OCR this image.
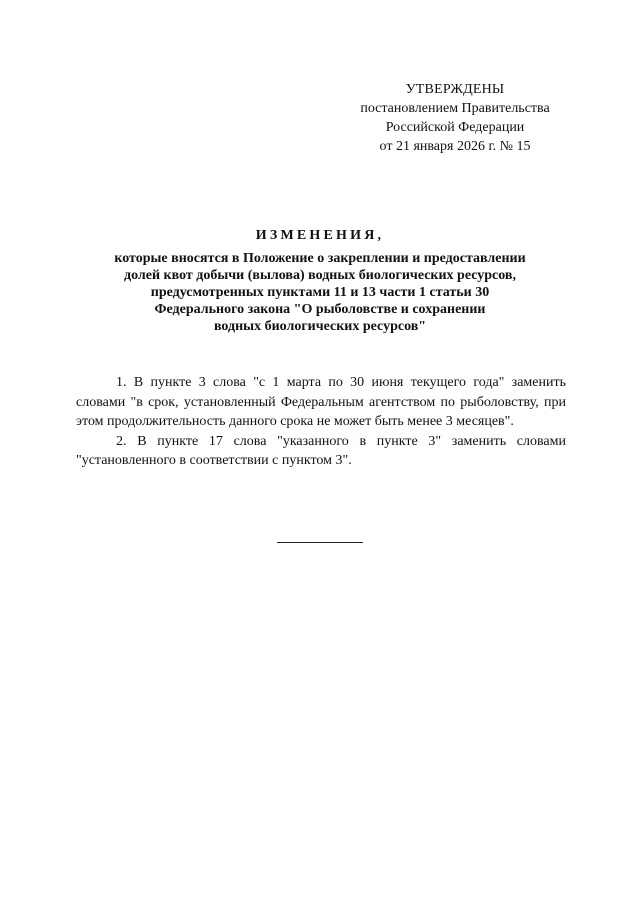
УТВЕРЖДЕНЫ
постановлением Правительства
Российской Федерации
от 21 января 2026 г. № 15
ИЗМЕНЕНИЯ,
которые вносятся в Положение о закреплении и предоставлении
долей квот добычи (вылова) водных биологических ресурсов,
предусмотренных пунктами 11 и 13 части 1 статьи 30
Федерального закона "О рыболовстве и сохранении
водных биологических ресурсов"

1. В пункте 3 слова "с 1 марта по 30 июня текущего года" заменить словами "в срок, установленный Федеральным агентством по рыболовству, при этом продолжительность данного срока не может быть менее 3 месяцев".

2. В пункте 17 слова "указанного в пункте 3" заменить словами "установленного в соответствии с пунктом 3".
